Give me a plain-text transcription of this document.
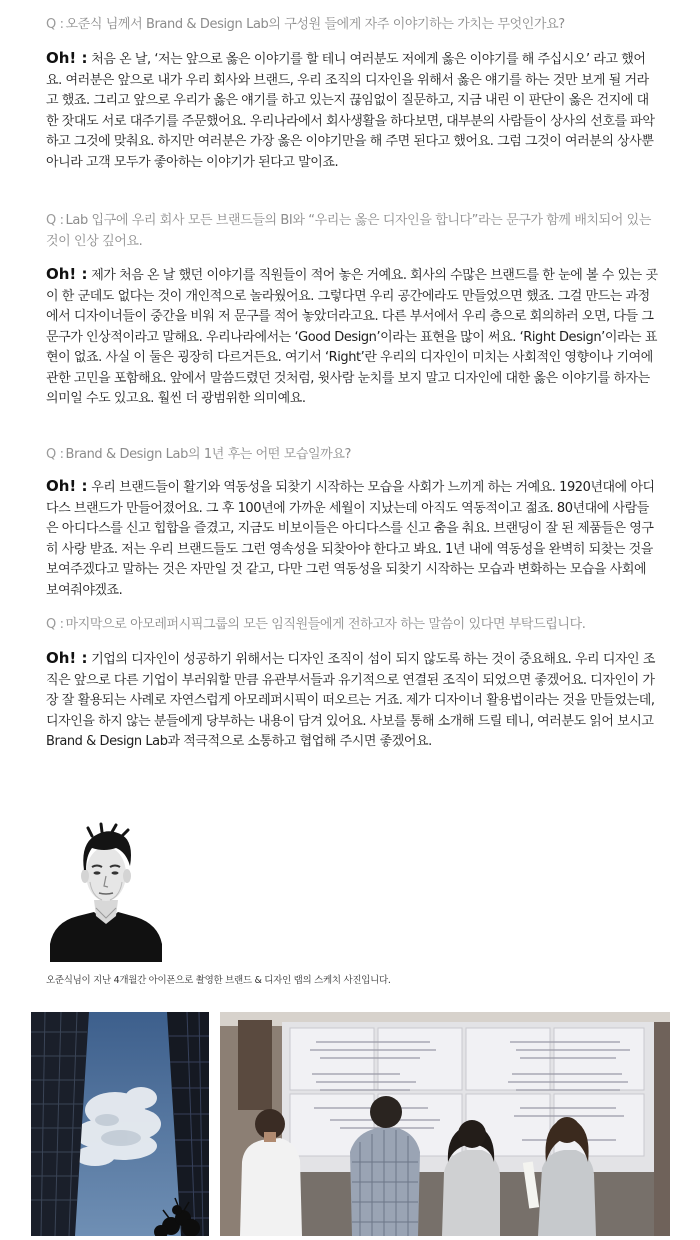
Q : 오준식 님께서 Brand & Design Lab의 구성원 들에게 자주 이야기하는 가치는 무엇인가요?

Oh! : 처음 온 날, ‘저는 앞으로 옳은 이야기를 할 테니 여러분도 저에게 옳은 이야기를 해 주십시오’ 라고 했어요. 여러분은 앞으로 내가 우리 회사와 브랜드, 우리 조직의 디자인을 위해서 옳은 얘기를 하는 것만 보게 될 거라고 했죠. 그리고 앞으로 우리가 옳은 얘기를 하고 있는지 끊임없이 질문하고, 지금 내린 이 판단이 옳은 건지에 대한 잣대도 서로 대주기를 주문했어요. 우리나라에서 회사생활을 하다보면, 대부분의 사람들이 상사의 선호를 파악하고 그것에 맞춰요. 하지만 여러분은 가장 옳은 이야기만을 해 주면 된다고 했어요. 그럼 그것이 여러분의 상사뿐 아니라 고객 모두가 좋아하는 이야기가 된다고 말이죠.

Q : Lab 입구에 우리 회사 모든 브랜드들의 BI와 “우리는 옳은 디자인을 합니다”라는 문구가 함께 배치되어 있는 것이 인상 깊어요.

Oh! : 제가 처음 온 날 했던 이야기를 직원들이 적어 놓은 거예요. 회사의 수많은 브랜드를 한 눈에 볼 수 있는 곳이 한 군데도 없다는 것이 개인적으로 놀라웠어요. 그렇다면 우리 공간에라도 만들었으면 했죠. 그걸 만드는 과정에서 디자이너들이 중간을 비워 저 문구를 적어 놓았더라고요. 다른 부서에서 우리 층으로 회의하러 오면, 다들 그 문구가 인상적이라고 말해요. 우리나라에서는 ‘Good Design’이라는 표현을 많이 써요. ‘Right Design’이라는 표현이 없죠. 사실 이 둘은 굉장히 다르거든요. 여기서 ‘Right’란 우리의 디자인이 미치는 사회적인 영향이나 기여에 관한 고민을 포함해요. 앞에서 말씀드렸던 것처럼, 윗사람 눈치를 보지 말고 디자인에 대한 옳은 이야기를 하자는 의미일 수도 있고요. 훨씬 더 광범위한 의미예요.

Q : Brand & Design Lab의 1년 후는 어떤 모습일까요?

Oh! : 우리 브랜드들이 활기와 역동성을 되찾기 시작하는 모습을 사회가 느끼게 하는 거예요. 1920년대에 아디다스 브랜드가 만들어졌어요. 그 후 100년에 가까운 세월이 지났는데 아직도 역동적이고 젊죠. 80년대에 사람들은 아디다스를 신고 힙합을 즐겼고, 지금도 비보이들은 아디다스를 신고 춤을 춰요. 브랜딩이 잘 된 제품들은 영구히 사랑 받죠. 저는 우리 브랜드들도 그런 영속성을 되찾아야 한다고 봐요. 1년 내에 역동성을 완벽히 되찾는 것을 보여주겠다고 말하는 것은 자만일 것 같고, 다만 그런 역동성을 되찾기 시작하는 모습과 변화하는 모습을 사회에 보여줘야겠죠.

Q : 마지막으로 아모레퍼시픽그룹의 모든 임직원들에게 전하고자 하는 말씀이 있다면 부탁드립니다.

Oh! : 기업의 디자인이 성공하기 위해서는 디자인 조직이 섬이 되지 않도록 하는 것이 중요해요. 우리 디자인 조직은 앞으로 다른 기업이 부러워할 만큼 유관부서들과 유기적으로 연결된 조직이 되었으면 좋겠어요. 디자인이 가장 잘 활용되는 사례로 자연스럽게 아모레퍼시픽이 떠오르는 거죠. 제가 디자이너 활용법이라는 것을 만들었는데, 디자인을 하지 않는 분들에게 당부하는 내용이 담겨 있어요. 사보를 통해 소개해 드릴 테니, 여러분도 읽어 보시고 Brand & Design Lab과 적극적으로 소통하고 협업해 주시면 좋겠어요.

오준식님이 지난 4개월간 아이폰으로 촬영한 브랜드 & 디자인 랩의 스케치 사진입니다.
